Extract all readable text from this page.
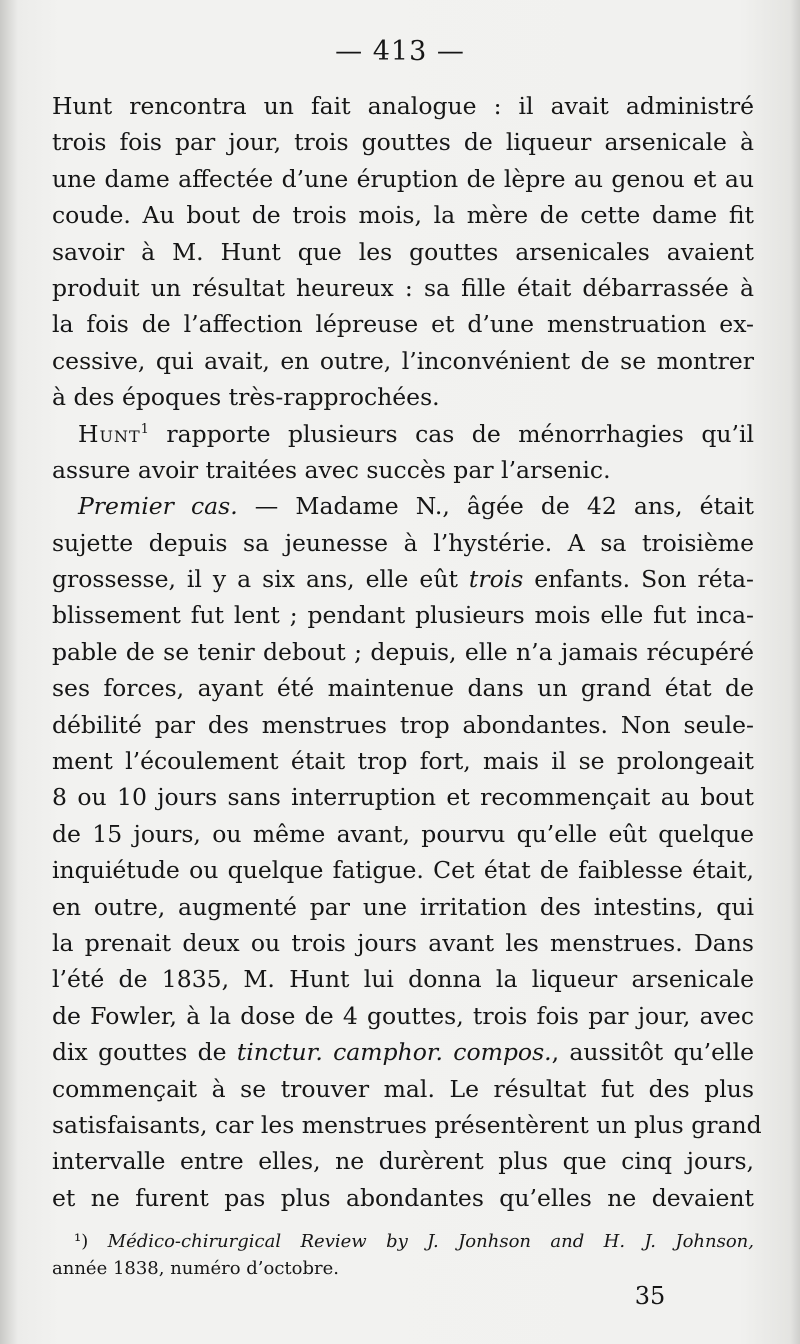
— 413 —
Hunt rencontra un fait analogue : il avait administré
trois fois par jour, trois gouttes de liqueur arsenicale à
une dame affectée d’une éruption de lèpre au genou et au
coude. Au bout de trois mois, la mère de cette dame fit
savoir à M. Hunt que les gouttes arsenicales avaient
produit un résultat heureux : sa fille était débarrassée à
la fois de l’affection lépreuse et d’une menstruation ex-
cessive, qui avait, en outre, l’inconvénient de se montrer
à des époques très-rapprochées.
Hunt$^1$ rapporte plusieurs cas de ménorrhagies qu’il
assure avoir traitées avec succès par l’arsenic.
Premier cas. — Madame N., âgée de 42 ans, était
sujette depuis sa jeunesse à l’hystérie. A sa troisième
grossesse, il y a six ans, elle eût trois enfants. Son réta-
blissement fut lent ; pendant plusieurs mois elle fut inca-
pable de se tenir debout ; depuis, elle n’a jamais récupéré
ses forces, ayant été maintenue dans un grand état de
débilité par des menstrues trop abondantes. Non seule-
ment l’écoulement était trop fort, mais il se prolongeait
8 ou 10 jours sans interruption et recommençait au bout
de 15 jours, ou même avant, pourvu qu’elle eût quelque
inquiétude ou quelque fatigue. Cet état de faiblesse était,
en outre, augmenté par une irritation des intestins, qui
la prenait deux ou trois jours avant les menstrues. Dans
l’été de 1835, M. Hunt lui donna la liqueur arsenicale
de Fowler, à la dose de 4 gouttes, trois fois par jour, avec
dix gouttes de tinctur. camphor. compos., aussitôt qu’elle
commençait à se trouver mal. Le résultat fut des plus
satisfaisants, car les menstrues présentèrent un plus grand
intervalle entre elles, ne durèrent plus que cinq jours,
et ne furent pas plus abondantes qu’elles ne devaient
¹) Médico-chirurgical Review by J. Jonhson and H. J. Johnson,
année 1838, numéro d’octobre.
35
